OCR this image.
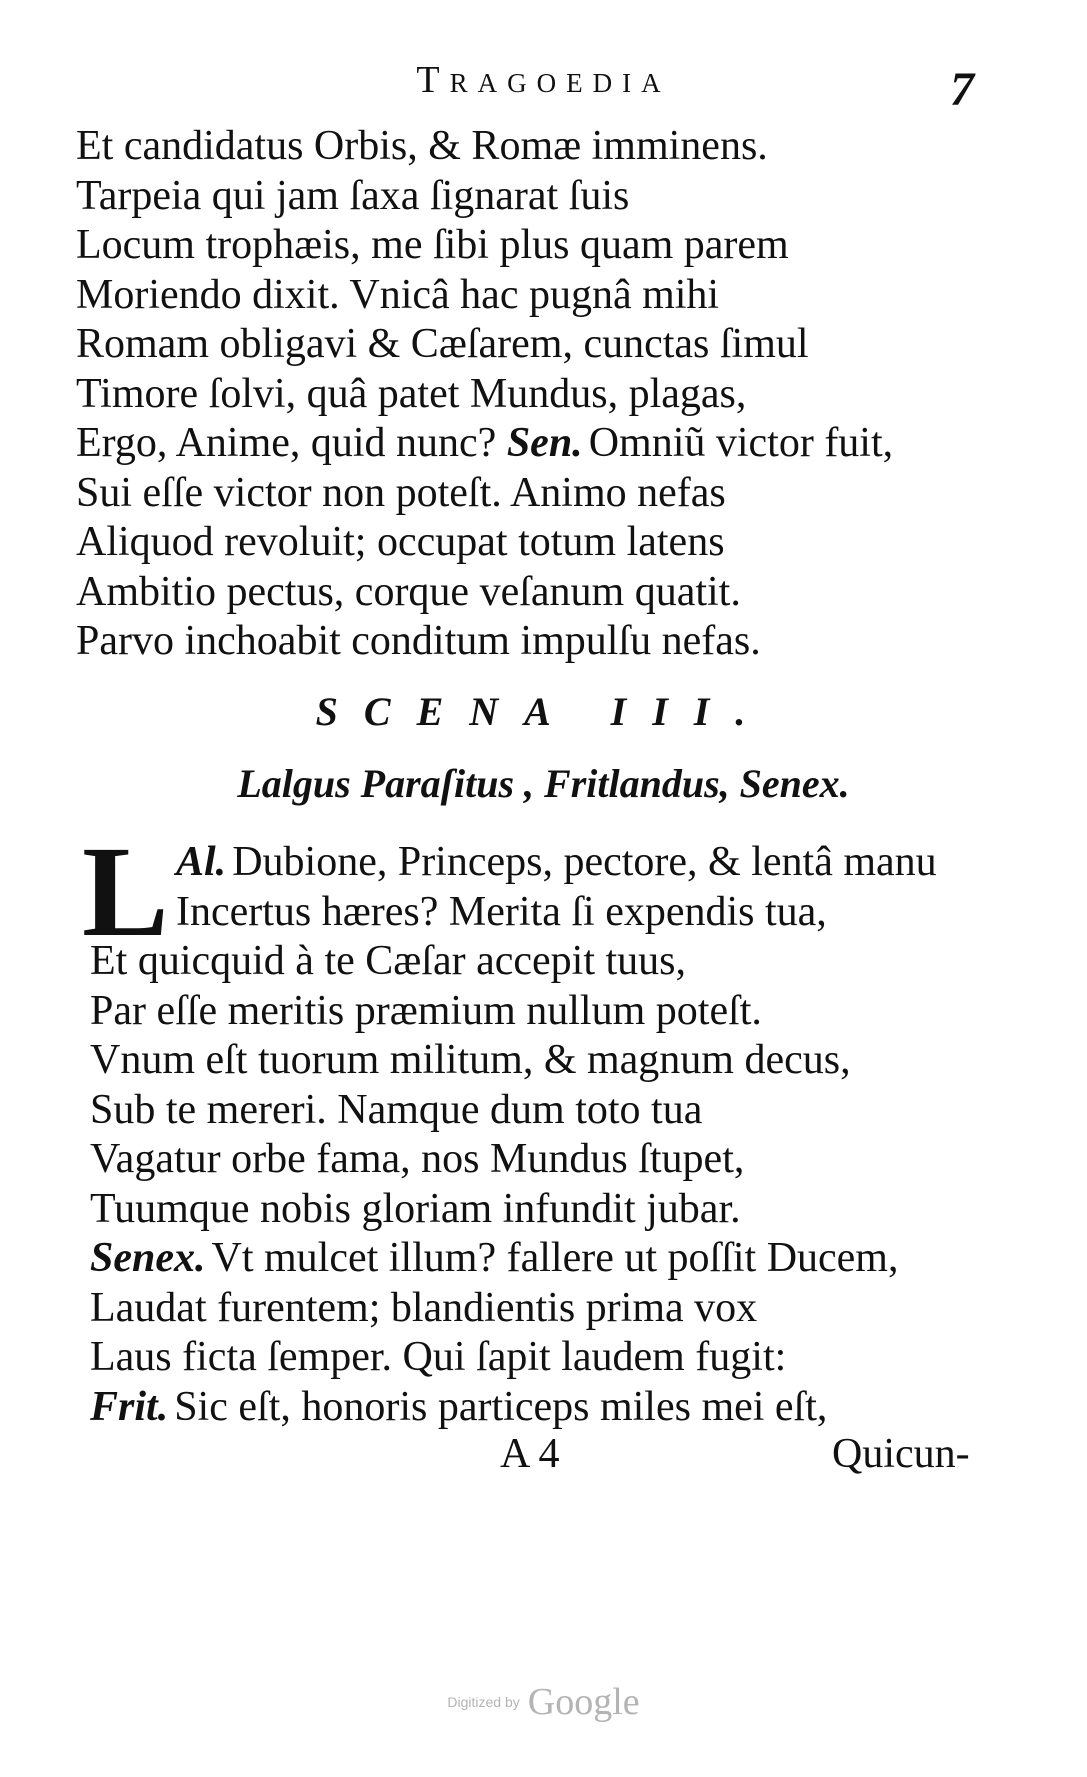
Tragoedia	7
Et candidatus Orbis, & Romæ imminens.
Tarpeia qui jam ſaxa ſignarat ſuis
Locum trophæis, me ſibi plus quam parem
Moriendo dixit. Vnicâ hac pugnâ mihi
Romam obligavi & Cæſarem, cunctas ſimul
Timore ſolvi, quâ patet Mundus, plagas,
Ergo, Anime, quid nunc? Sen. Omniũ victor fuit,
Sui eſſe victor non poteſt. Animo nefas
Aliquod revoluit; occupat totum latens
Ambitio pectus, corque veſanum quatit.
Parvo inchoabit conditum impulſu nefas.
SCENA III.
Lalgus Paraſitus , Fritlandus, Senex.
L Al. Dubione, Princeps, pectore, & lentâ manu
Incertus hæres? Merita ſi expendis tua,
Et quicquid à te Cæſar accepit tuus,
Par eſſe meritis præmium nullum poteſt.
Vnum eſt tuorum militum, & magnum decus,
Sub te mereri. Namque dum toto tua
Vagatur orbe fama, nos Mundus ſtupet,
Tuumque nobis gloriam infundit jubar.
Senex. Vt mulcet illum? fallere ut poſſit Ducem,
Laudat furentem; blandientis prima vox
Laus ficta ſemper. Qui ſapit laudem fugit:
Frit. Sic eſt, honoris particeps miles mei eſt,
A 4	Quicun-
Digitized by Google
